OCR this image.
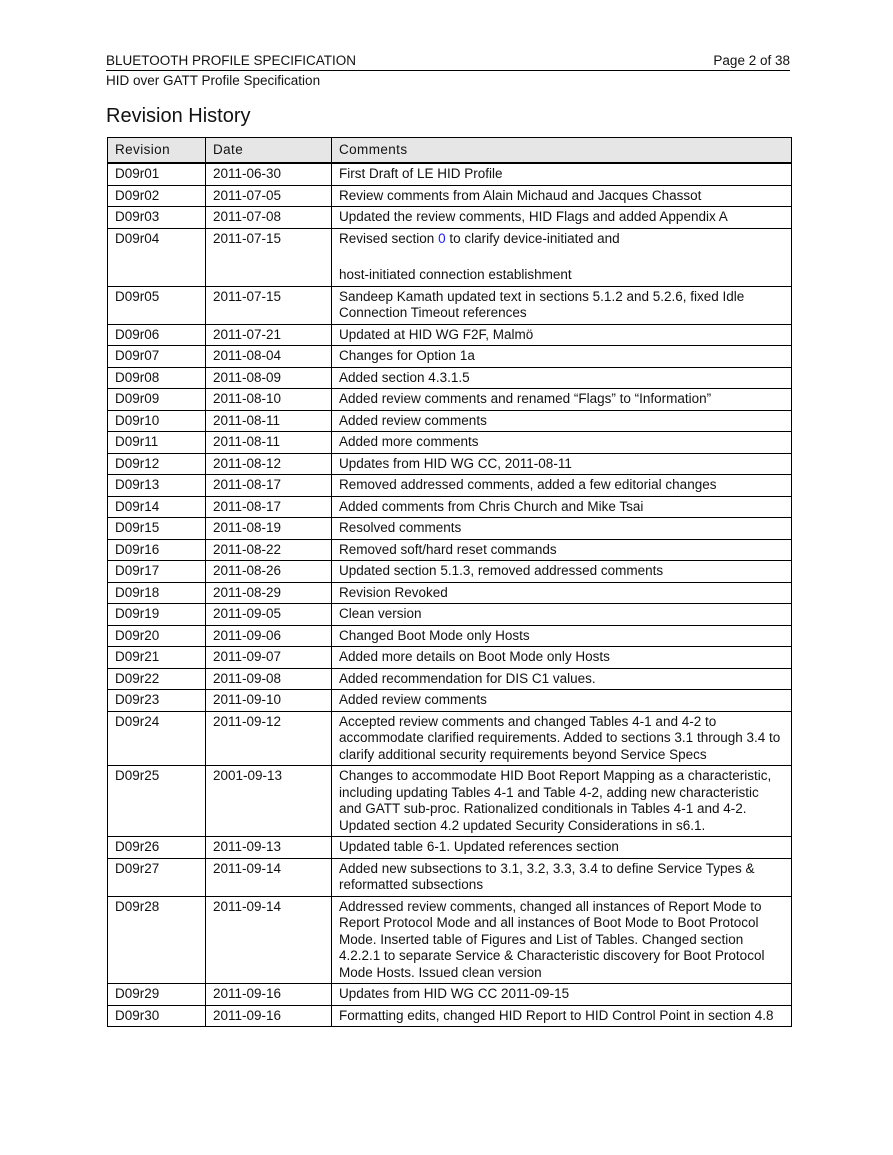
BLUETOOTH PROFILE SPECIFICATION	Page 2 of 38
HID over GATT Profile Specification
Revision History
Revision	Date	Comments
D09r01	2011-06-30	First Draft of LE HID Profile
D09r02	2011-07-05	Review comments from Alain Michaud and Jacques Chassot
D09r03	2011-07-08	Updated the review comments, HID Flags and added Appendix A
D09r04	2011-07-15	Revised section 0 to clarify device-initiated and
host-initiated connection establishment
D09r05	2011-07-15	Sandeep Kamath updated text in sections 5.1.2 and 5.2.6, fixed Idle Connection Timeout references
D09r06	2011-07-21	Updated at HID WG F2F, Malmö
D09r07	2011-08-04	Changes for Option 1a
D09r08	2011-08-09	Added section 4.3.1.5
D09r09	2011-08-10	Added review comments and renamed “Flags” to “Information”
D09r10	2011-08-11	Added review comments
D09r11	2011-08-11	Added more comments
D09r12	2011-08-12	Updates from HID WG CC, 2011-08-11
D09r13	2011-08-17	Removed addressed comments, added a few editorial changes
D09r14	2011-08-17	Added comments from Chris Church and Mike Tsai
D09r15	2011-08-19	Resolved comments
D09r16	2011-08-22	Removed soft/hard reset commands
D09r17	2011-08-26	Updated section 5.1.3, removed addressed comments
D09r18	2011-08-29	Revision Revoked
D09r19	2011-09-05	Clean version
D09r20	2011-09-06	Changed Boot Mode only Hosts
D09r21	2011-09-07	Added more details on Boot Mode only Hosts
D09r22	2011-09-08	Added recommendation for DIS C1 values.
D09r23	2011-09-10	Added review comments
D09r24	2011-09-12	Accepted review comments and changed Tables 4-1 and 4-2 to accommodate clarified requirements. Added to sections 3.1 through 3.4 to clarify additional security requirements beyond Service Specs
D09r25	2001-09-13	Changes to accommodate HID Boot Report Mapping as a characteristic, including updating Tables 4-1 and Table 4-2, adding new characteristic and GATT sub-proc. Rationalized conditionals in Tables 4-1 and 4-2. Updated section 4.2 updated Security Considerations in s6.1.
D09r26	2011-09-13	Updated table 6-1. Updated references section
D09r27	2011-09-14	Added new subsections to 3.1, 3.2, 3.3, 3.4 to define Service Types & reformatted subsections
D09r28	2011-09-14	Addressed review comments, changed all instances of Report Mode to Report Protocol Mode and all instances of Boot Mode to Boot Protocol Mode. Inserted table of Figures and List of Tables. Changed section 4.2.2.1 to separate Service & Characteristic discovery for Boot Protocol Mode Hosts. Issued clean version
D09r29	2011-09-16	Updates from HID WG CC 2011-09-15
D09r30	2011-09-16	Formatting edits, changed HID Report to HID Control Point in section 4.8
